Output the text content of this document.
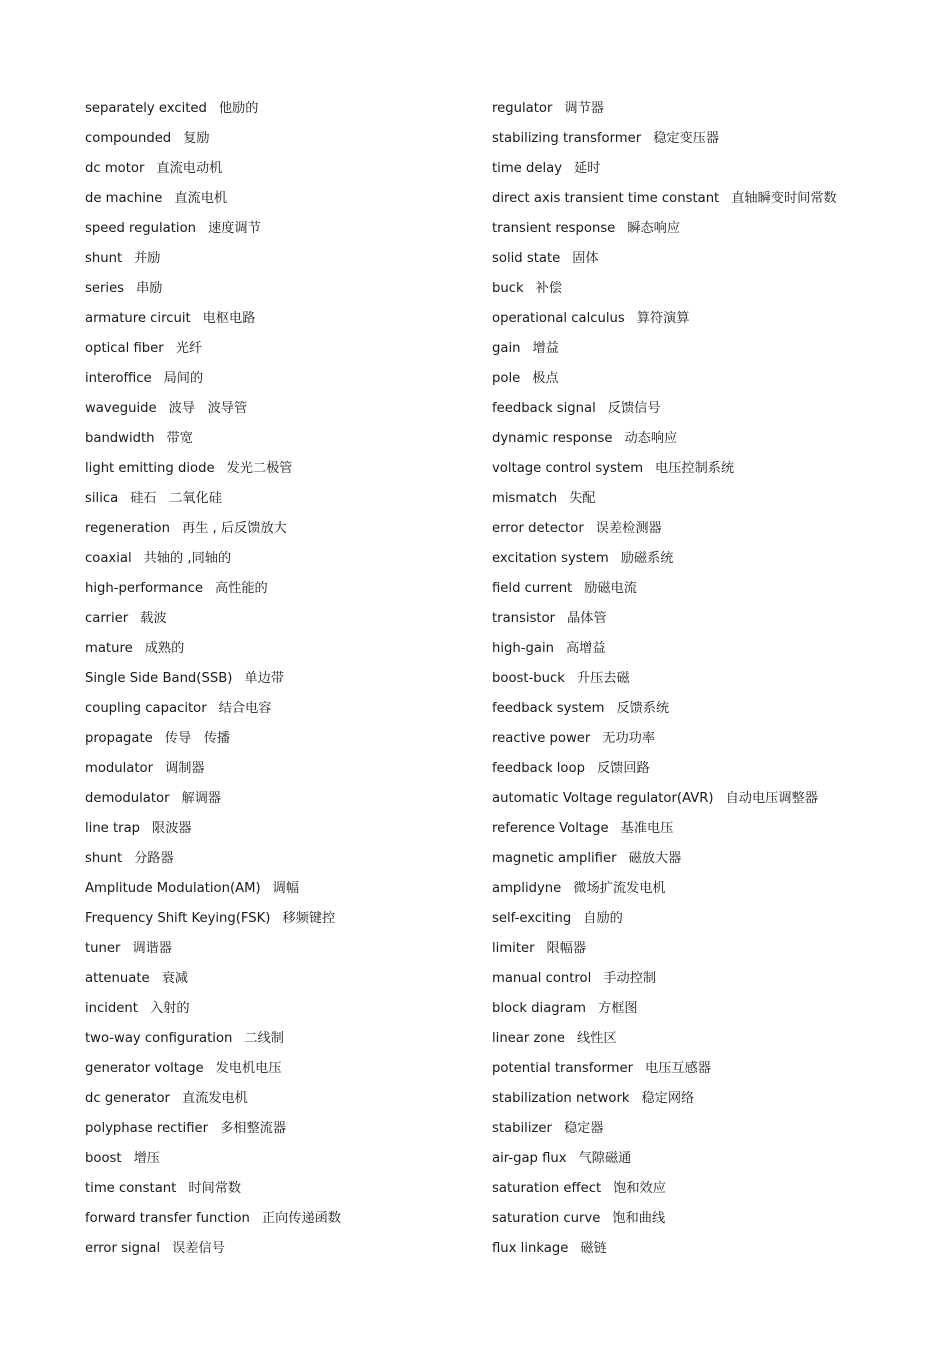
separately excited 他励的
compounded 复励
dc motor 直流电动机
de machine 直流电机
speed regulation 速度调节
shunt 并励
series 串励
armature circuit 电枢电路
optical fiber 光纤
interoffice 局间的
waveguide 波导   波导管
bandwidth 带宽
light emitting diode 发光二极管
silica 硅石   二氧化硅
regeneration 再生 , 后反馈放大
coaxial 共轴的 ,同轴的
high-performance 高性能的
carrier 载波
mature 成熟的
Single Side Band(SSB) 单边带
coupling capacitor 结合电容
propagate 传导   传播
modulator 调制器
demodulator 解调器
line trap 限波器
shunt 分路器
Amplitude Modulation(AM) 调幅
Frequency Shift Keying(FSK) 移频键控
tuner 调谐器
attenuate 衰减
incident 入射的
two-way configuration 二线制
generator voltage 发电机电压
dc generator 直流发电机
polyphase rectifier 多相整流器
boost 增压
time constant 时间常数
forward transfer function 正向传递函数
error signal 误差信号
regulator 调节器
stabilizing transformer 稳定变压器
time delay 延时
direct axis transient time constant 直轴瞬变时间常数
transient response 瞬态响应
solid state 固体
buck 补偿
operational calculus 算符演算
gain 增益
pole 极点
feedback signal 反馈信号
dynamic response 动态响应
voltage control system 电压控制系统
mismatch 失配
error detector 误差检测器
excitation system 励磁系统
field current 励磁电流
transistor 晶体管
high-gain 高增益
boost-buck 升压去磁
feedback system 反馈系统
reactive power 无功功率
feedback loop 反馈回路
automatic Voltage regulator(AVR) 自动电压调整器
reference Voltage 基准电压
magnetic amplifier 磁放大器
amplidyne 微场扩流发电机
self-exciting 自励的
limiter 限幅器
manual control 手动控制
block diagram 方框图
linear zone 线性区
potential transformer 电压互感器
stabilization network 稳定网络
stabilizer 稳定器
air-gap flux 气隙磁通
saturation effect 饱和效应
saturation curve 饱和曲线
flux linkage 磁链
